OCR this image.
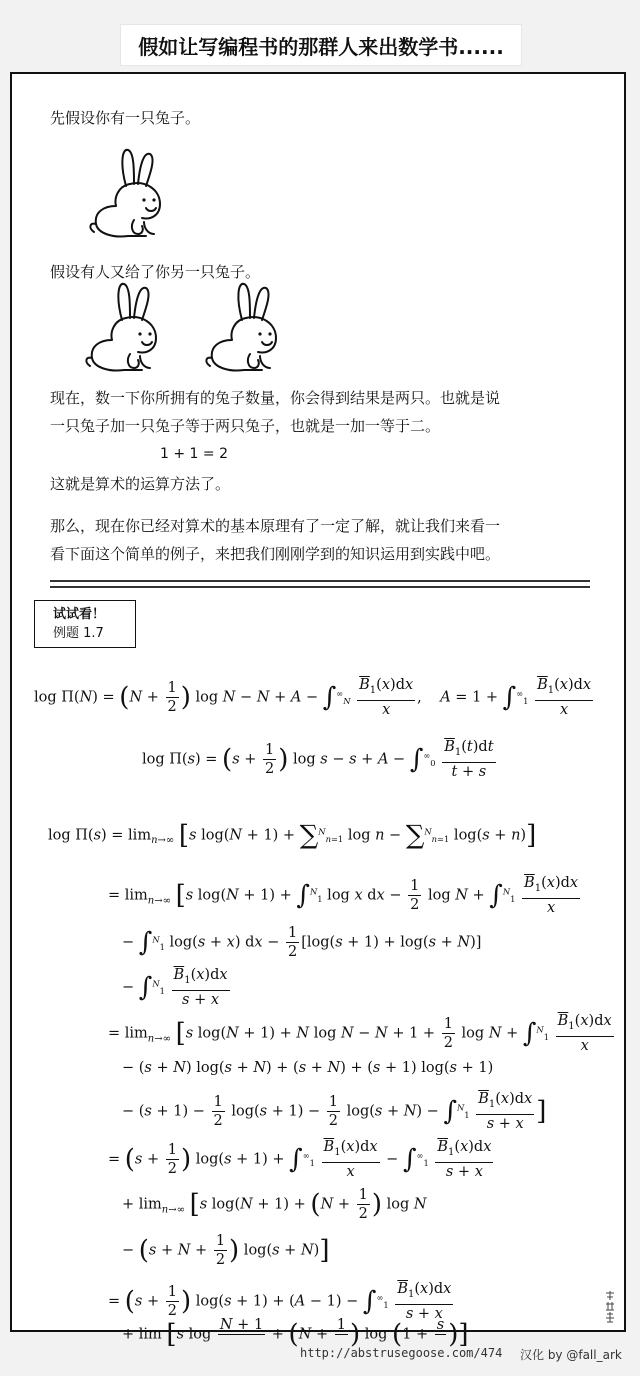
假如让写编程书的那群人来出数学书......
先假设你有一只兔子。
假设有人又给了你另一只兔子。
现在，数一下你所拥有的兔子数量，你会得到结果是两只。也就是说
一只兔子加一只兔子等于两只兔子，也就是一加一等于二。
1 + 1 = 2
这就是算术的运算方法了。
那么，现在你已经对算术的基本原理有了一定了解，就让我们来看一
看下面这个简单的例子，来把我们刚刚学到的知识运用到实践中吧。
试试看！
例题 1.7
$\log \Pi(N) = (N + \frac{1}{2}$ ) $\log N - N + A - \int^\infty_N \frac{\overline{B}_1(x)dx}{x}$ ,    $A = 1 + \int^\infty_1 \frac{\overline{B}_1(x)dx}{x}$
$\log \Pi(s) = (s + \frac{1}{2}$ ) $\log s - s + A - \int^\infty_0 \frac{\overline{B}_1(t)dt}{t + s}$
$\log \Pi(s) = \lim_{n\to\infty} [s$ log(N + 1) + ∑$^N_{n=1}$ log n − ∑$^N_{n=1}$ log(s + n)]
= $\lim_{n\to\infty} [s$ log(N + 1) + ∫$^N_1$ log x dx − $\frac{1}{2}$ $\log N + \int^N_1 \frac{\overline{B}_1(x)dx}{x}$
− ∫$^N_1$ log(s + x) dx − $\frac{1}{2} [\log(s + 1) + \log(s + N)]$
− $\int^N_1 \frac{\overline{B}_1(x)dx}{s + x}$
= $\lim_{n\to\infty} [s$ log(N + 1) + N $\log N - N + 1 + \frac{1}{2}$ $\log N + \int^N_1 \frac{\overline{B}_1(x)dx}{x}$
− (s + N) log(s + N) + (s + N) + (s + 1) log(s + 1)
− $(s + 1) - \frac{1}{2} \log(s + 1) - \frac{1}{2} \log(s + N) - \int^N_1 \frac{\overline{B}_1(x)dx}{s + x}$ ]
= ($s + \frac{1}{2}$ ) $\log(s + 1) + \int^\infty_1 \frac{\overline{B}_1(x)dx}{x} - \int^\infty_1 \frac{\overline{B}_1(x)dx}{s + x}$
+ $\lim_{n\to\infty} [s$ $\log(N + 1) + (N + \frac{1}{2}$ ) log N
− ($s + N + \frac{1}{2}$ ) log(s + N)]
= ($s + \frac{1}{2}$ ) $\log(s + 1) + (A - 1) - \int^\infty_1 \frac{\overline{B}_1(x)dx}{s + x}$
+ lim [s log
N + 1

+ (N +
1
) log (1 +
s
)]
http://abstrusegoose.com/474 汉化 by @fall_ark
